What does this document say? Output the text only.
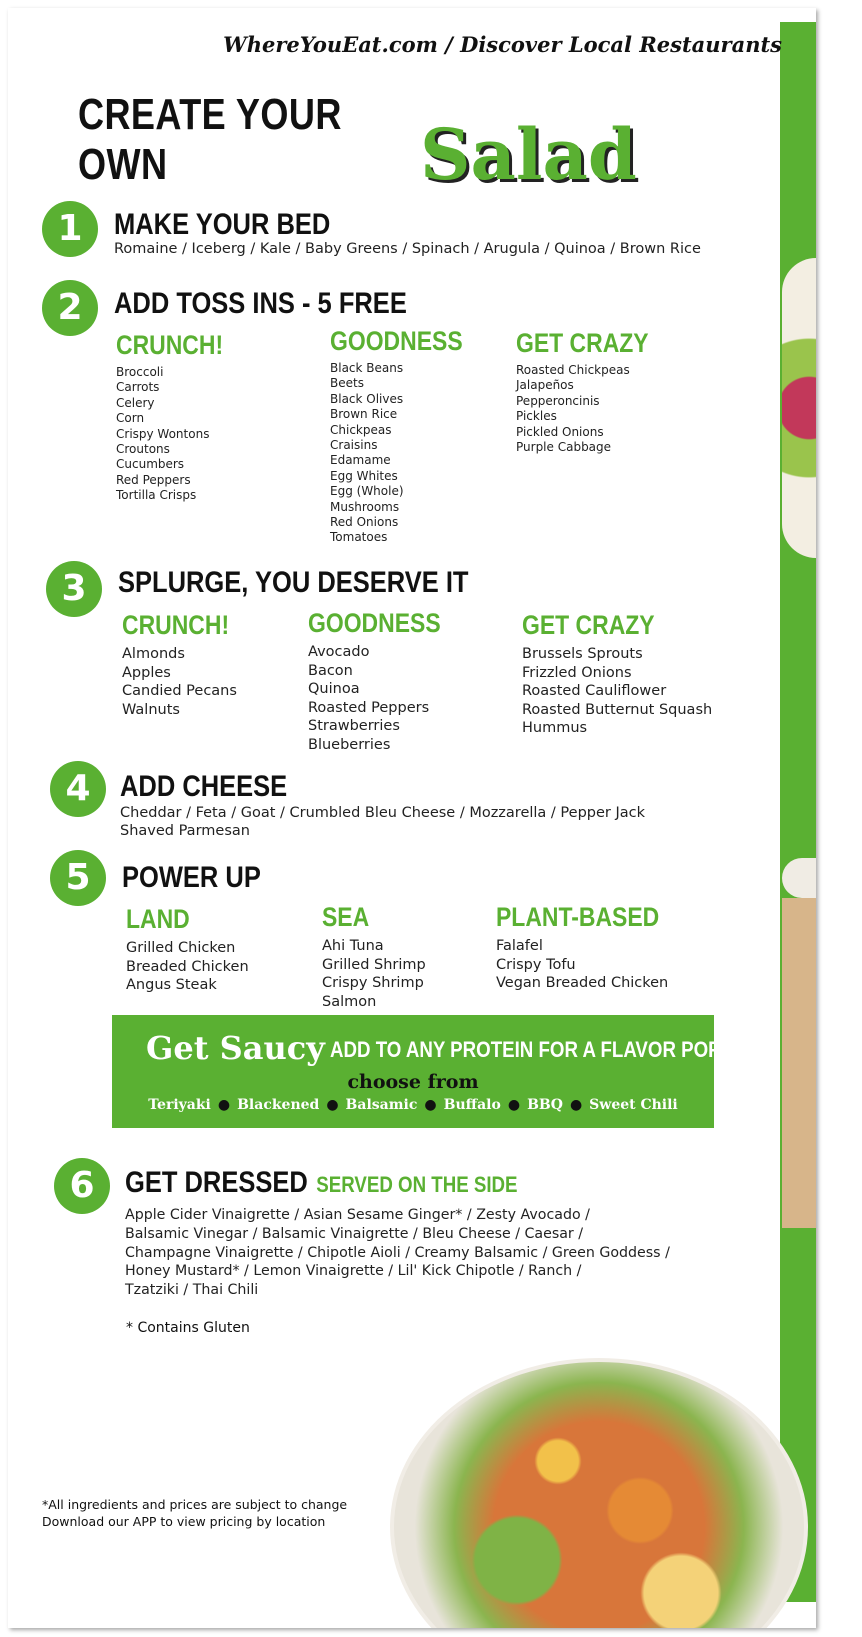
WhereYouEat.com / Discover Local Restaurants
CREATE YOUR OWN	Salad
1	MAKE YOUR BED
Romaine / Iceberg / Kale / Baby Greens / Spinach / Arugula / Quinoa / Brown Rice
2	ADD TOSS INS - 5 FREE
CRUNCH!
Broccoli
Carrots
Celery
Corn
Crispy Wontons
Croutons
Cucumbers
Red Peppers
Tortilla Crisps
GOODNESS
Black Beans
Beets
Black Olives
Brown Rice
Chickpeas
Craisins
Edamame
Egg Whites
Egg (Whole)
Mushrooms
Red Onions
Tomatoes
GET CRAZY
Roasted Chickpeas
Jalapeños
Pepperoncinis
Pickles
Pickled Onions
Purple Cabbage
3	SPLURGE, YOU DESERVE IT
CRUNCH!
Almonds
Apples
Candied Pecans
Walnuts
GOODNESS
Avocado
Bacon
Quinoa
Roasted Peppers
Strawberries
Blueberries
GET CRAZY
Brussels Sprouts
Frizzled Onions
Roasted Cauliflower
Roasted Butternut Squash
Hummus
4 ADD CHEESE
Cheddar / Feta / Goat / Crumbled Bleu Cheese / Mozzarella / Pepper Jack
Shaved Parmesan
5	POWER UP
LAND
Grilled Chicken
Breaded Chicken
Angus Steak
SEA
Ahi Tuna
Grilled Shrimp
Crispy Shrimp
Salmon
PLANT-BASED
Falafel
Crispy Tofu
Vegan Breaded Chicken
Get Saucy ADD TO ANY PROTEIN FOR A FLAVOR POP!
choose from
Teriyaki ● Blackened ● Balsamic ● Buffalo ● BBQ ● Sweet Chili
6	GET DRESSED SERVED ON THE SIDE
Apple Cider Vinaigrette / Asian Sesame Ginger* / Zesty Avocado /
Balsamic Vinegar / Balsamic Vinaigrette / Bleu Cheese / Caesar /
Champagne Vinaigrette / Chipotle Aioli / Creamy Balsamic / Green Goddess /
Honey Mustard* / Lemon Vinaigrette / Lil' Kick Chipotle / Ranch /
Tzatziki / Thai Chili
* Contains Gluten
*All ingredients and prices are subject to change
Download our APP to view pricing by location
